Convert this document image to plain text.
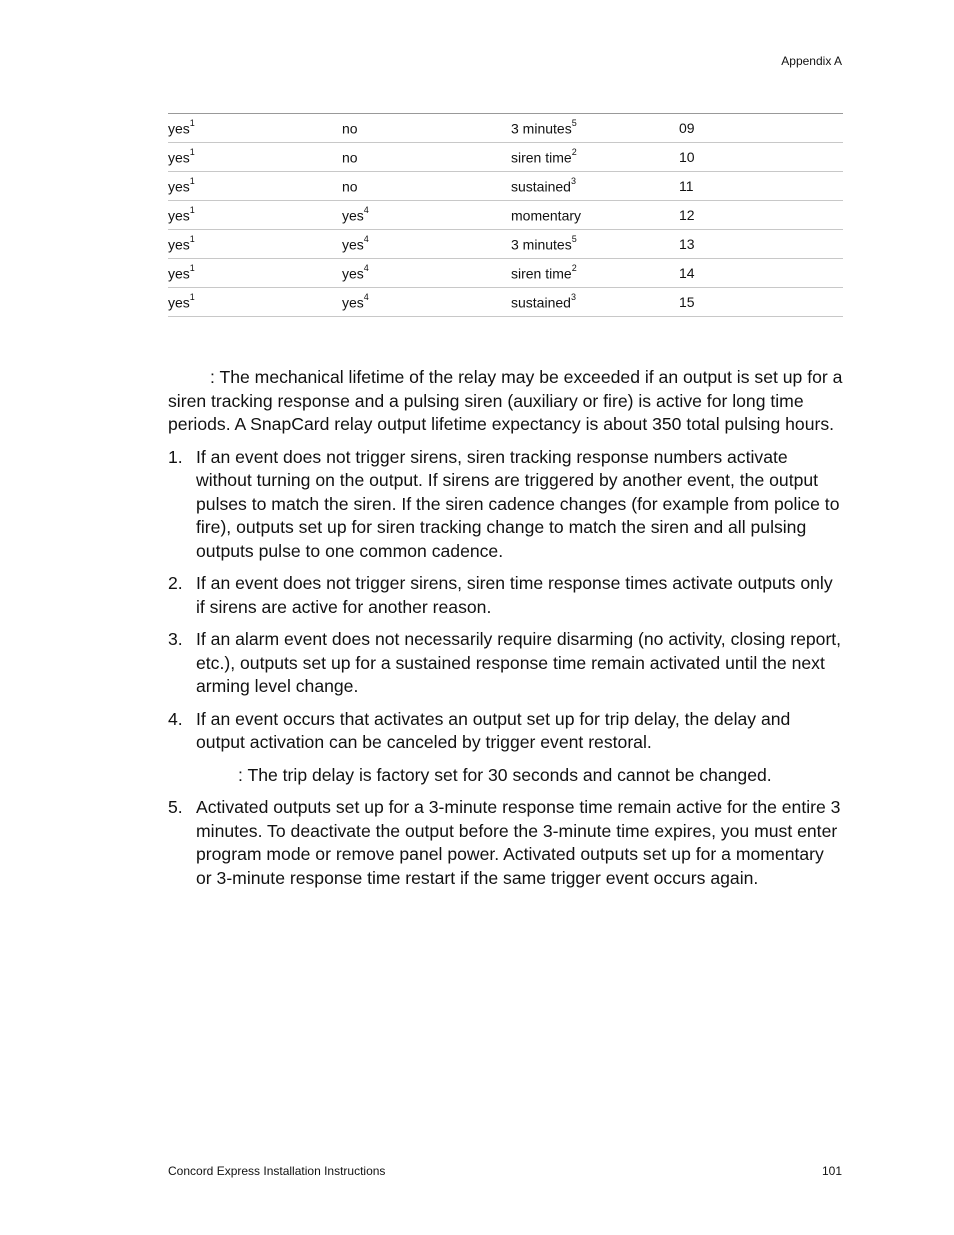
Appendix A
yes$^1$	no	3 minutes$^5$	09
yes$^1$	no	siren time$^2$	10
yes$^1$	no	sustained$^3$	11
yes$^1$	yes$^4$	momentary	12
yes$^1$	yes$^4$	3 minutes$^5$	13
yes$^1$	yes$^4$	siren time$^2$	14
yes$^1$	yes$^4$	sustained$^3$	15

: The mechanical lifetime of the relay may be exceeded if an output is set up for a siren tracking response and a pulsing siren (auxiliary or fire) is active for long time periods. A SnapCard relay output lifetime expectancy is about 350 total pulsing hours.

1. If an event does not trigger sirens, siren tracking response numbers activate without turning on the output. If sirens are triggered by another event, the output pulses to match the siren. If the siren cadence changes (for example from police to fire), outputs set up for siren tracking change to match the siren and all pulsing outputs pulse to one common cadence.
2. If an event does not trigger sirens, siren time response times activate outputs only if sirens are active for another reason.
3. If an alarm event does not necessarily require disarming (no activity, closing report, etc.), outputs set up for a sustained response time remain activated until the next arming level change.
4. If an event occurs that activates an output set up for trip delay, the delay and output activation can be canceled by trigger event restoral.

: The trip delay is factory set for 30 seconds and cannot be changed.

5. Activated outputs set up for a 3-minute response time remain active for the entire 3 minutes. To deactivate the output before the 3-minute time expires, you must enter program mode or remove panel power. Activated outputs set up for a momentary or 3-minute response time restart if the same trigger event occurs again.
Concord Express Installation Instructions	101
